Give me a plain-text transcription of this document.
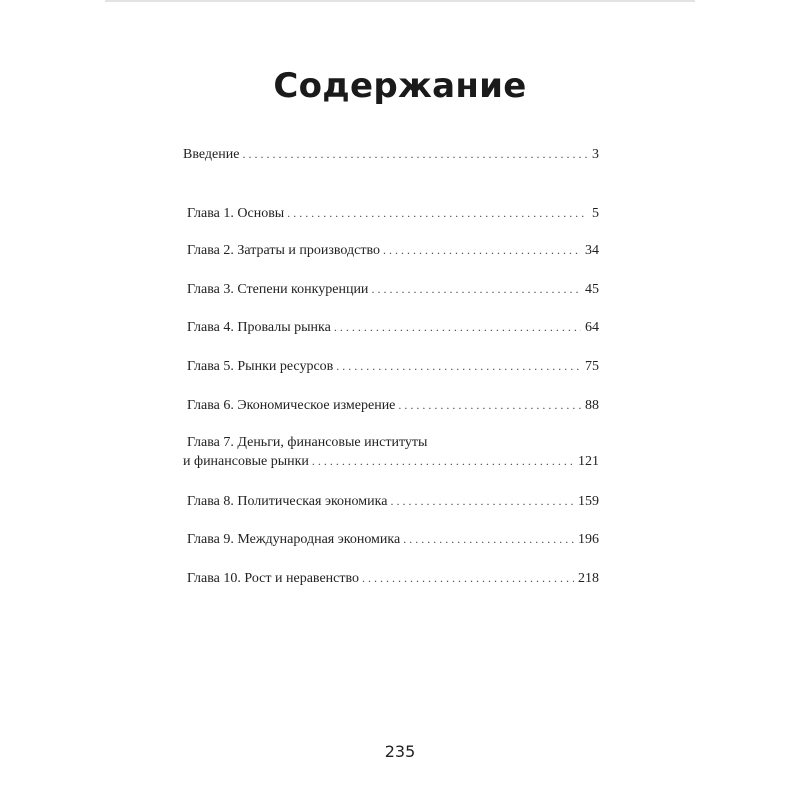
Содержание
Введение . . .	3
Глава 1. Основы . . .	5
Глава 2. Затраты и производство . . .	34
Глава 3. Степени конкуренции . . .	45
Глава 4. Провалы рынка . . .	64
Глава 5. Рынки ресурсов . . .	75
Глава 6. Экономическое измерение . . .	88
Глава 7. Деньги, финансовые институты
и финансовые рынки . . .	121
Глава 8. Политическая экономика . . .	159
Глава 9. Международная экономика . . .	196
Глава 10. Рост и неравенство . . .	218
235
